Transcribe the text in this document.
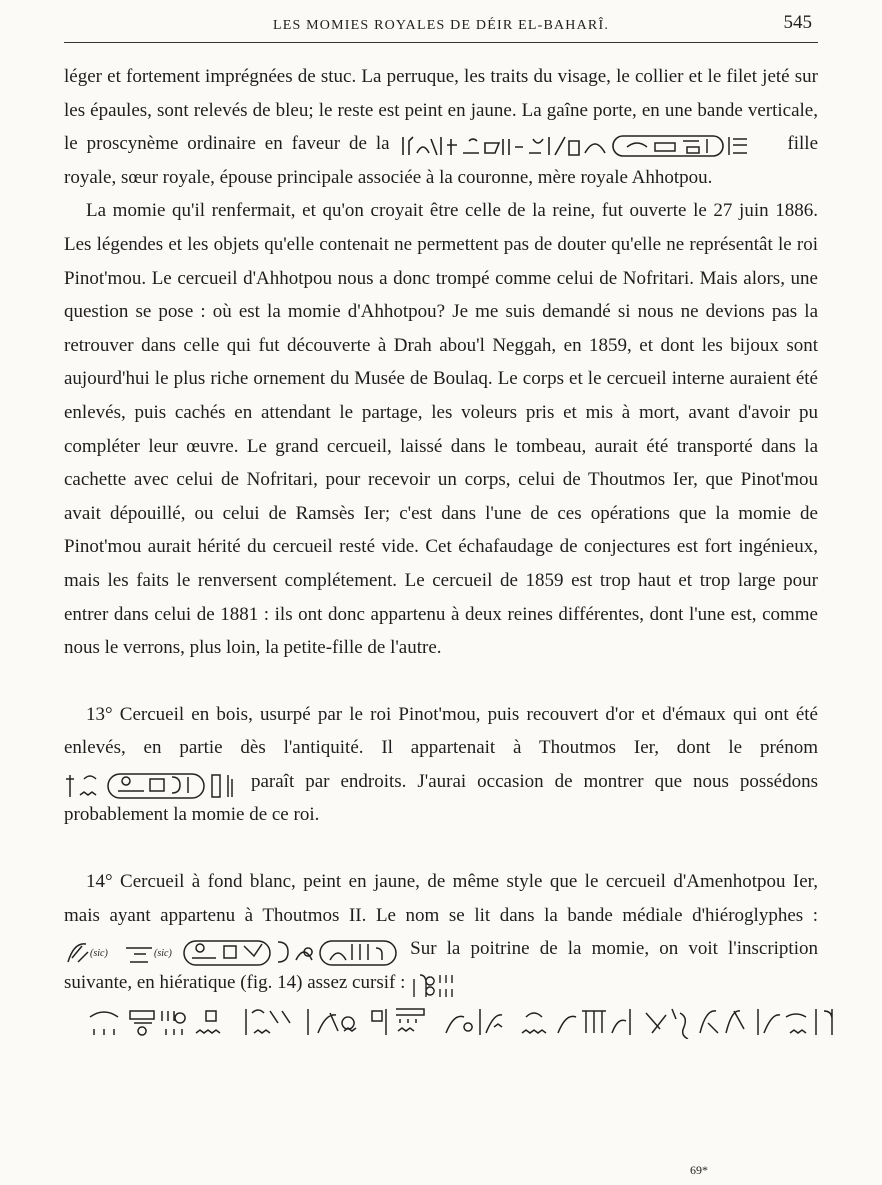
LES MOMIES ROYALES DE DÉIR EL-BAHARÎ.	545

léger et fortement imprégnées de stuc. La perruque, les traits du visage, le collier et le filet jeté sur les épaules, sont relevés de bleu; le reste est peint en jaune. La gaîne porte, en une bande verticale, le proscynème ordinaire en faveur de la	fille royale, sœur royale, épouse principale associée à la couronne, mère royale Ahhotpou.

La momie qu'il renfermait, et qu'on croyait être celle de la reine, fut ouverte le 27 juin 1886. Les légendes et les objets qu'elle contenait ne permettent pas de douter qu'elle ne représentât le roi Pinot'mou. Le cercueil d'Ahhotpou nous a donc trompé comme celui de Nofritari. Mais alors, une question se pose : où est la momie d'Ahhotpou? Je me suis demandé si nous ne devions pas la retrouver dans celle qui fut découverte à Drah abou'l Neggah, en 1859, et dont les bijoux sont aujourd'hui le plus riche ornement du Musée de Boulaq. Le corps et le cercueil interne auraient été enlevés, puis cachés en attendant le partage, les voleurs pris et mis à mort, avant d'avoir pu compléter leur œuvre. Le grand cercueil, laissé dans le tombeau, aurait été transporté dans la cachette avec celui de Nofritari, pour recevoir un corps, celui de Thoutmos Ier, que Pinot'mou avait dépouillé, ou celui de Ramsès Ier; c'est dans l'une de ces opérations que la momie de Pinot'mou aurait hérité du cercueil resté vide. Cet échafaudage de conjectures est fort ingénieux, mais les faits le renversent complétement. Le cercueil de 1859 est trop haut et trop large pour entrer dans celui de 1881 : ils ont donc appartenu à deux reines différentes, dont l'une est, comme nous le verrons, plus loin, la petite-fille de l'autre.

13° Cercueil en bois, usurpé par le roi Pinot'mou, puis recouvert d'or et d'émaux qui ont été enlevés, en partie dès l'antiquité. Il appartenait à Thoutmos Ier, dont le prénom
paraît par endroits. J'aurai occasion de montrer que nous possédons probablement la momie de ce roi.

14° Cercueil à fond blanc, peint en jaune, de même style que le cercueil d'Amenhotpou Ier, mais ayant appartenu à Thoutmos II. Le nom se lit dans la bande médiale d'hiéroglyphes :
(sic)	(sic)	Sur la poitrine de la momie, on voit l'inscription suivante, en hiératique (fig. 14) assez cursif :

69*
